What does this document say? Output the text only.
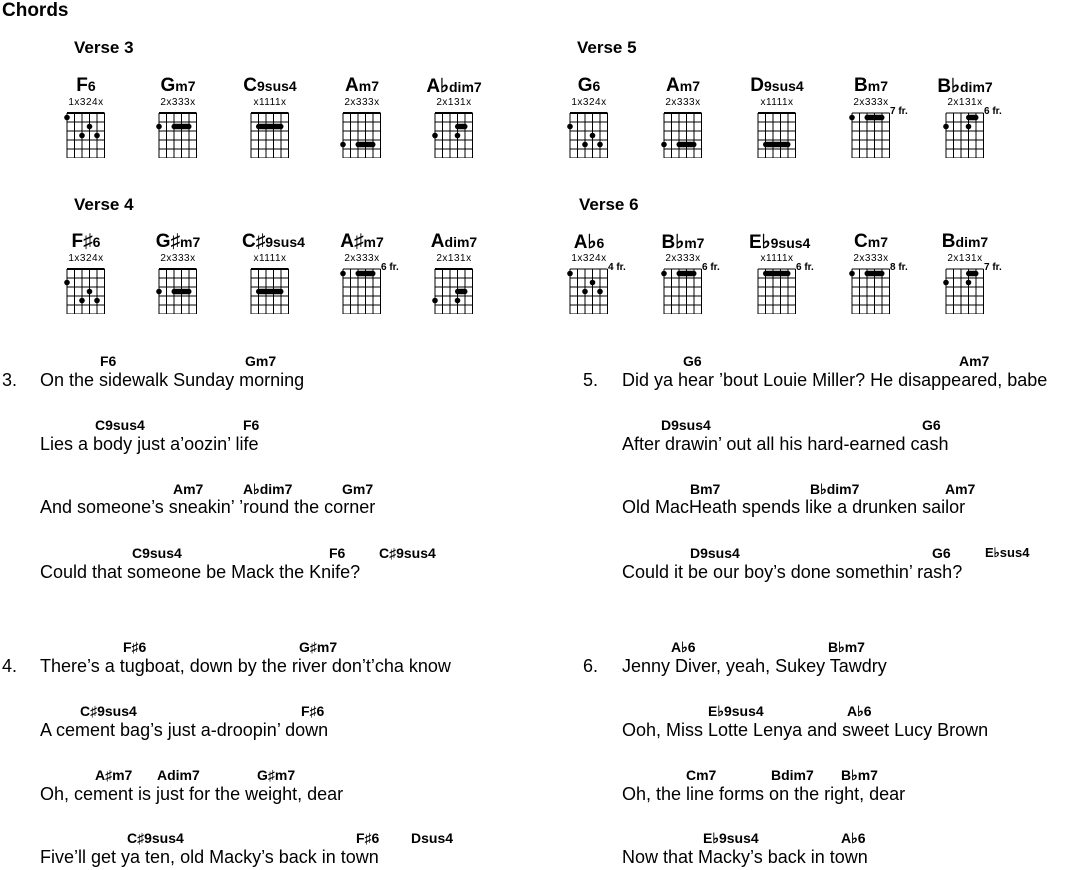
Chords
Verse 3	Verse 5
Verse 4	Verse 6
F6
1x324x
Gm7
2x333x
C9sus4
x1111x
Am7
2x333x
A♭dim7
2x131x
G6
1x324x
Am7
2x333x
D9sus4
x1111x
Bm7
2x333x
7 fr.
B♭dim7
2x131x
6 fr.
F♯6
1x324x
G♯m7
2x333x
C♯9sus4
x1111x
A♯m7
2x333x
6 fr.
Adim7
2x131x
A♭6
1x324x
4 fr.
B♭m7
2x333x
6 fr.
E♭9sus4
x1111x
6 fr.
Cm7
2x333x
8 fr.
Bdim7
2x131x
7 fr.
3.
4.
5.
6.
F6	Gm7
On the sidewalk Sunday morning
C9sus4	F6
Lies a body just a’oozin’ life
Am7	A♭dim7	Gm7
And someone’s sneakin’ ’round the corner
C9sus4	F6 C♯9sus4
Could that someone be Mack the Knife?
F♯6	G♯m7
There’s a tugboat, down by the river don’t’cha know
C♯9sus4	F♯6
A cement bag’s just a-droopin’ down
A♯m7 Adim7	G♯m7
Oh, cement is just for the weight, dear
C♯9sus4	F♯6 Dsus4
Five’ll get ya ten, old Macky’s back in town
G6	Am7
Did ya hear ’bout Louie Miller? He disappeared, babe
D9sus4	G6
After drawin’ out all his hard-earned cash
Bm7	B♭dim7	Am7
Old MacHeath spends like a drunken sailor
D9sus4	G6	E♭sus4
Could it be our boy’s done somethin’ rash?
A♭6	B♭m7
Jenny Diver, yeah, Sukey Tawdry
E♭9sus4	A♭6
Ooh, Miss Lotte Lenya and sweet Lucy Brown
Cm7	Bdim7 B♭m7
Oh, the line forms on the right, dear
E♭9sus4	A♭6
Now that Macky’s back in town
